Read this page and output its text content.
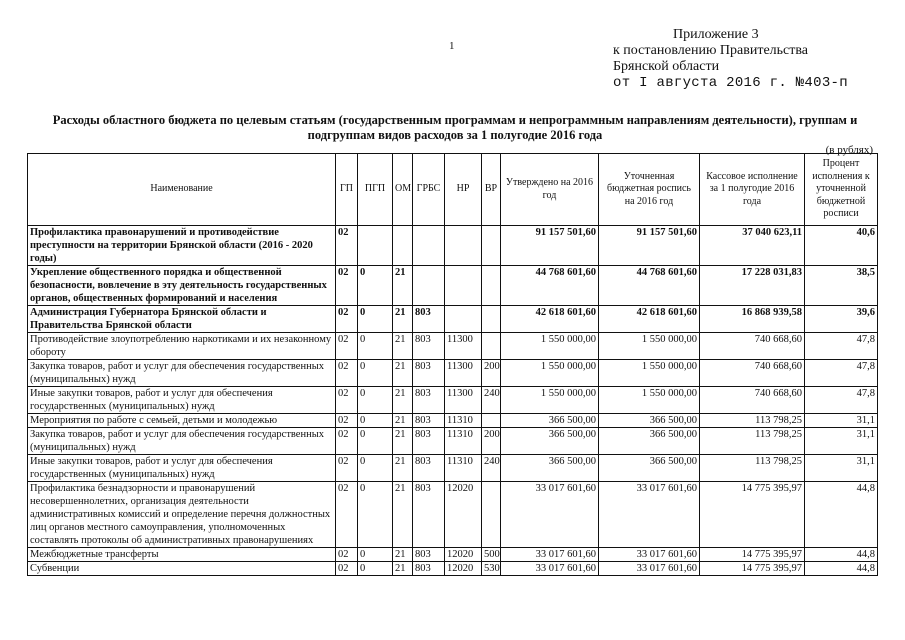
1
Приложение 3
к постановлению Правительства
Брянской области
от I августа 2016 г. №403-п
Расходы областного бюджета по целевым статьям (государственным программам и непрограммным направлениям деятельности), группам и подгруппам видов расходов за 1 полугодие 2016 года
(в рублях)
Наименование	ГП	ПГП	ОМ	ГРБС	НР	ВР	Утверждено на 2016 год	Уточненная бюджетная роспись на 2016 год	Кассовое исполнение за 1 полугодие 2016 года	Процент исполнения к уточненной бюджетной росписи
Профилактика правонарушений и противодействие преступности на территории Брянской области (2016 - 2020 годы)	02						91 157 501,60	91 157 501,60	37 040 623,11	40,6
Укрепление общественного порядка и общественной безопасности, вовлечение в эту деятельность государственных органов, общественных формирований и населения	02	0	21				44 768 601,60	44 768 601,60	17 228 031,83	38,5
Администрация Губернатора Брянской области и Правительства Брянской области	02	0	21	803			42 618 601,60	42 618 601,60	16 868 939,58	39,6
Противодействие злоупотреблению наркотиками и их незаконному обороту	02	0	21	803	11300		1 550 000,00	1 550 000,00	740 668,60	47,8
Закупка товаров, работ и услуг для обеспечения государственных (муниципальных) нужд	02	0	21	803	11300	200	1 550 000,00	1 550 000,00	740 668,60	47,8
Иные закупки товаров, работ и услуг для обеспечения государственных (муниципальных) нужд	02	0	21	803	11300	240	1 550 000,00	1 550 000,00	740 668,60	47,8
Мероприятия по работе с семьей, детьми и молодежью	02	0	21	803	11310		366 500,00	366 500,00	113 798,25	31,1
Закупка товаров, работ и услуг для обеспечения государственных (муниципальных) нужд	02	0	21	803	11310	200	366 500,00	366 500,00	113 798,25	31,1
Иные закупки товаров, работ и услуг для обеспечения государственных (муниципальных) нужд	02	0	21	803	11310	240	366 500,00	366 500,00	113 798,25	31,1
Профилактика безнадзорности и правонарушений несовершеннолетних, организация деятельности административных комиссий и определение перечня должностных лиц органов местного самоуправления, уполномоченных составлять протоколы об административных правонарушениях	02	0	21	803	12020		33 017 601,60	33 017 601,60	14 775 395,97	44,8
Межбюджетные трансферты	02	0	21	803	12020	500	33 017 601,60	33 017 601,60	14 775 395,97	44,8
Субвенции	02	0	21	803	12020	530	33 017 601,60	33 017 601,60	14 775 395,97	44,8
